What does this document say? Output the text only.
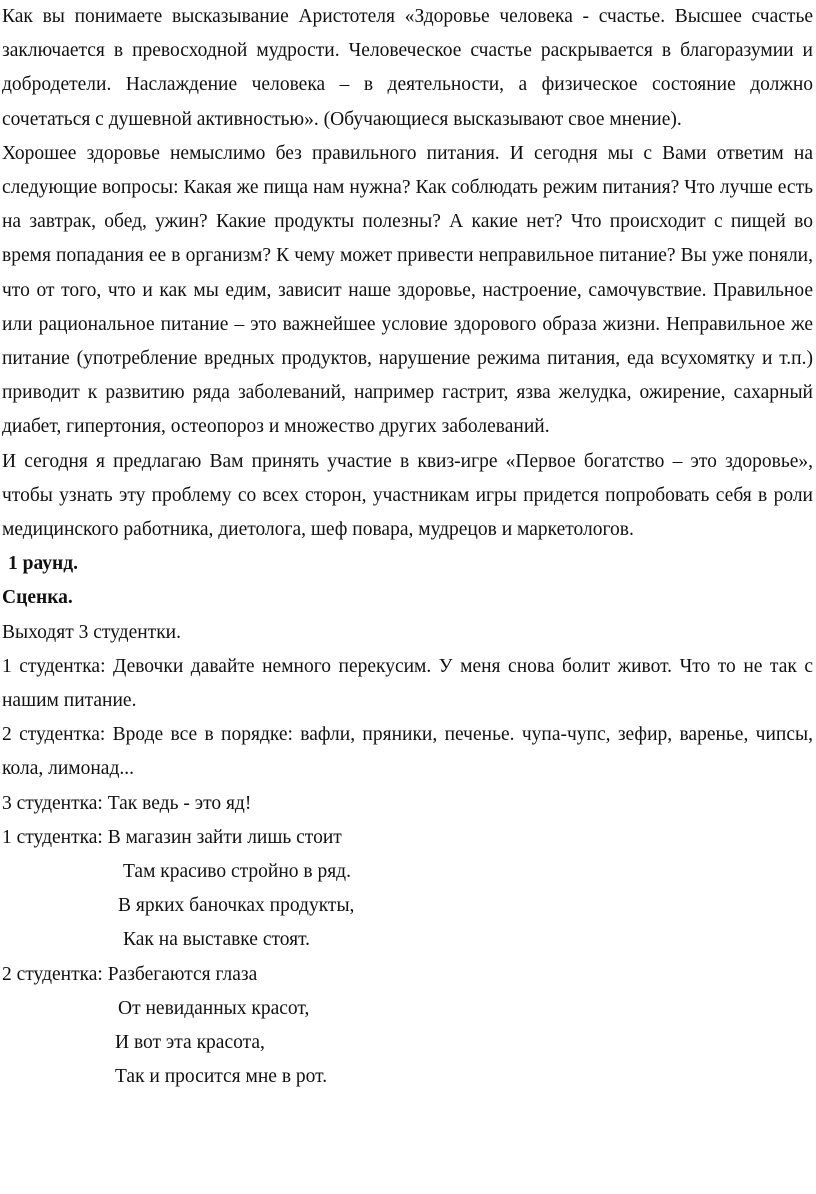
Как вы понимаете высказывание Аристотеля «Здоровье человека - счастье. Высшее счастье заключается в превосходной мудрости. Человеческое счастье раскрывается в благоразумии и добродетели. Наслаждение человека – в деятельности, а физическое состояние должно сочетаться с душевной активностью». (Обучающиеся высказывают свое мнение).

Хорошее здоровье немыслимо без правильного питания. И сегодня мы с Вами ответим на следующие вопросы: Какая же пища нам нужна? Как соблюдать режим питания? Что лучше есть на завтрак, обед, ужин? Какие продукты полезны? А какие нет? Что происходит с пищей во время попадания ее в организм? К чему может привести неправильное питание? Вы уже поняли, что от того, что и как мы едим, зависит наше здоровье, настроение, самочувствие. Правильное или рациональное питание – это важнейшее условие здорового образа жизни. Неправильное же питание (употребление вредных продуктов, нарушение режима питания, еда всухомятку и т.п.) приводит к развитию ряда заболеваний, например гастрит, язва желудка, ожирение, сахарный диабет, гипертония, остеопороз и множество других заболеваний.

И сегодня я предлагаю Вам принять участие в квиз-игре «Первое богатство – это здоровье», чтобы узнать эту проблему со всех сторон, участникам игры придется попробовать себя в роли медицинского работника, диетолога, шеф повара, мудрецов и маркетологов.

1 раунд.

Сценка.

Выходят 3 студентки.

1 студентка: Девочки давайте немного перекусим. У меня снова болит живот. Что то не так с нашим питание.

2 студентка: Вроде все в порядке: вафли, пряники, печенье. чупа-чупс, зефир, варенье, чипсы, кола, лимонад...

3 студентка: Так ведь - это яд!

1 студентка: В магазин зайти лишь стоит

Там красиво стройно в ряд.

В ярких баночках продукты,

Как на выставке стоят.

2 студентка: Разбегаются глаза

От невиданных красот,

И вот эта красота,

Так и просится мне в рот.
